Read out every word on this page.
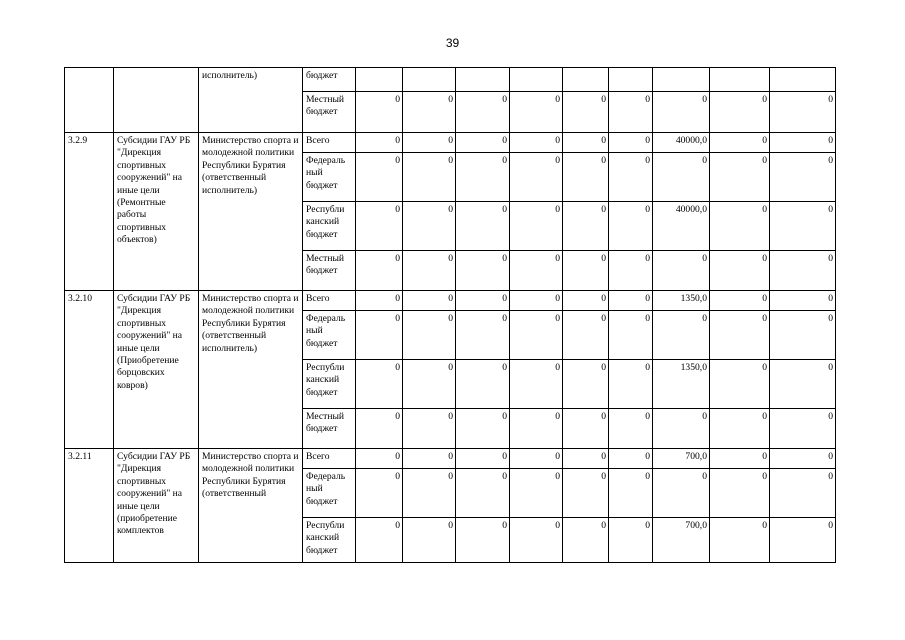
39
		исполнитель)	бюджет									
			Местный бюджет	0	0	0	0	0	0	0	0	0
3.2.9	Субсидии ГАУ РБ "Дирекция спортивных сооружений" на иные цели (Ремонтные работы спортивных объектов)	Министерство спорта и молодежной политики Республики Бурятия (ответственный исполнитель)	Всего	0	0	0	0	0	0	40000,0	0	0
			Федераль ный бюджет	0	0	0	0	0	0	0	0	0
			Республи канский бюджет	0	0	0	0	0	0	40000,0	0	0
			Местный бюджет	0	0	0	0	0	0	0	0	0
3.2.10	Субсидии ГАУ РБ "Дирекция спортивных сооружений" на иные цели (Приобретение борцовских ковров)	Министерство спорта и молодежной политики Республики Бурятия (ответственный исполнитель)	Всего	0	0	0	0	0	0	1350,0	0	0
			Федераль ный бюджет	0	0	0	0	0	0	0	0	0
			Республи канский бюджет	0	0	0	0	0	0	1350,0	0	0
			Местный бюджет	0	0	0	0	0	0	0	0	0
3.2.11	Субсидии ГАУ РБ "Дирекция спортивных сооружений" на иные цели (приобретение комплектов	Министерство спорта и молодежной политики Республики Бурятия (ответственный	Всего	0	0	0	0	0	0	700,0	0	0
			Федераль ный бюджет	0	0	0	0	0	0	0	0	0
			Республи канский бюджет	0	0	0	0	0	0	700,0	0	0
